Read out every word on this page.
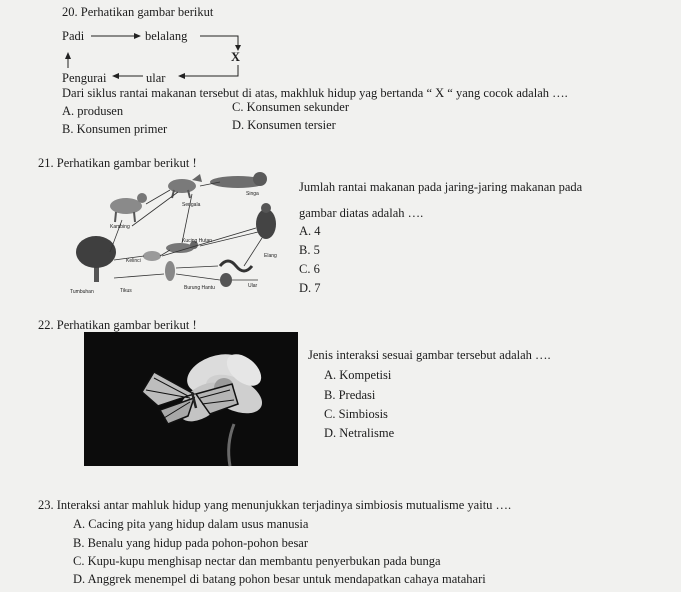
20. Perhatikan gambar berikut
Padi	belalang
X
Pengurai	ular
Dari siklus rantai makanan tersebut di atas, makhluk hidup yag bertanda “ X “ yang cocok adalah ….
A. produsen	C. Konsumen sekunder
B. Konsumen primer	D. Konsumen tersier
21. Perhatikan gambar berikut !
Serigala
Singa
Kambing
Kucing Hutan
Kelinci
Elang
Tumbuhan	Tikus	Burung Hantu	Ular
Jumlah rantai makanan pada jaring-jaring makanan pada
gambar diatas adalah ….
A. 4
B. 5
C. 6
D. 7
22. Perhatikan gambar berikut !
Jenis interaksi sesuai gambar tersebut adalah ….
A. Kompetisi
B. Predasi
C. Simbiosis
D. Netralisme
23. Interaksi antar mahluk hidup yang menunjukkan terjadinya simbiosis mutualisme yaitu ….
A. Cacing pita yang hidup dalam usus manusia
B. Benalu yang hidup pada pohon-pohon besar
C. Kupu-kupu menghisap nectar dan membantu penyerbukan pada bunga
D. Anggrek menempel di batang pohon besar untuk mendapatkan cahaya matahari
